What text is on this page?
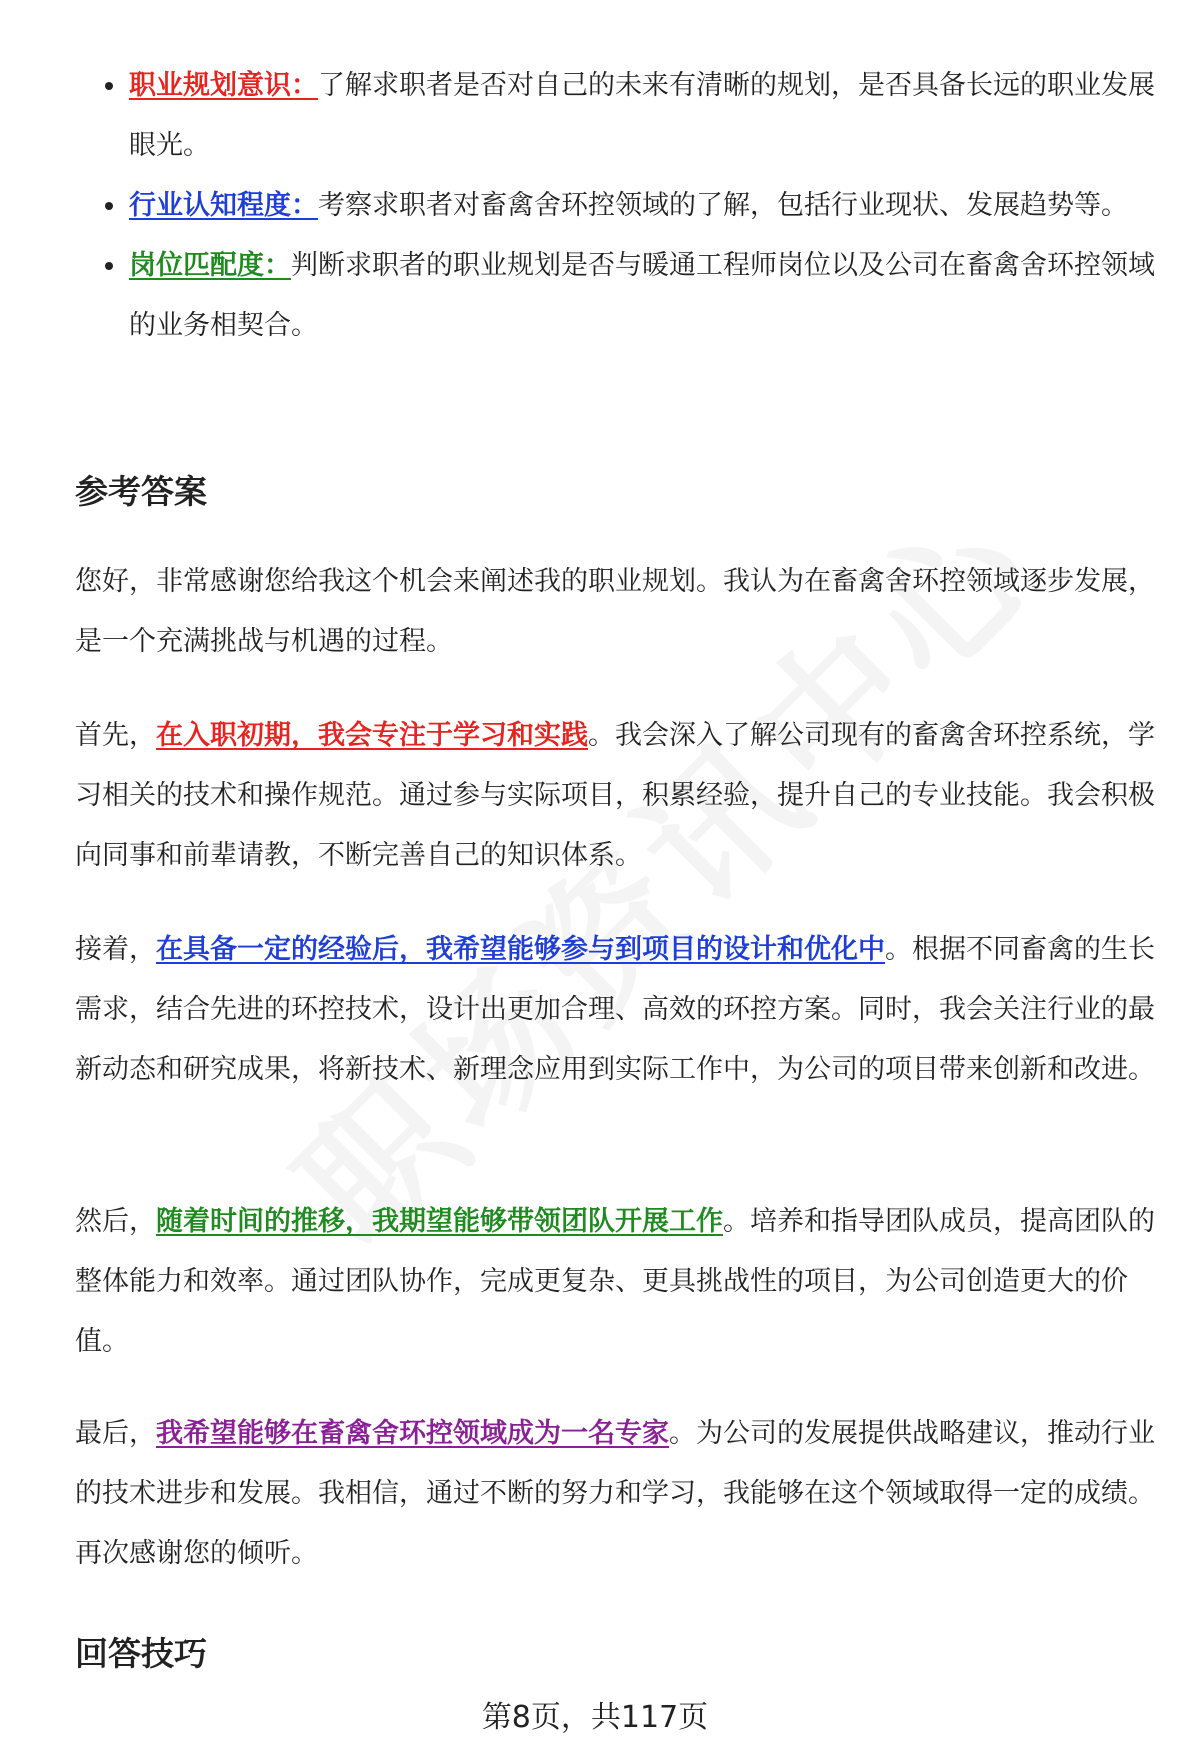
职业规划意识：了解求职者是否对自己的未来有清晰的规划，是否具备长远的职业发展眼光。
行业认知程度：考察求职者对畜禽舍环控领域的了解，包括行业现状、发展趋势等。
岗位匹配度：判断求职者的职业规划是否与暖通工程师岗位以及公司在畜禽舍环控领域的业务相契合。
参考答案

您好，非常感谢您给我这个机会来阐述我的职业规划。我认为在畜禽舍环控领域逐步发展，是一个充满挑战与机遇的过程。

首先，在入职初期，我会专注于学习和实践。我会深入了解公司现有的畜禽舍环控系统，学习相关的技术和操作规范。通过参与实际项目，积累经验，提升自己的专业技能。我会积极向同事和前辈请教，不断完善自己的知识体系。

接着，在具备一定的经验后，我希望能够参与到项目的设计和优化中。根据不同畜禽的生长需求，结合先进的环控技术，设计出更加合理、高效的环控方案。同时，我会关注行业的最新动态和研究成果，将新技术、新理念应用到实际工作中，为公司的项目带来创新和改进。

然后，随着时间的推移，我期望能够带领团队开展工作。培养和指导团队成员，提高团队的整体能力和效率。通过团队协作，完成更复杂、更具挑战性的项目，为公司创造更大的价值。

最后，我希望能够在畜禽舍环控领域成为一名专家。为公司的发展提供战略建议，推动行业的技术进步和发展。我相信，通过不断的努力和学习，我能够在这个领域取得一定的成绩。再次感谢您的倾听。

回答技巧
第8页，共117页
